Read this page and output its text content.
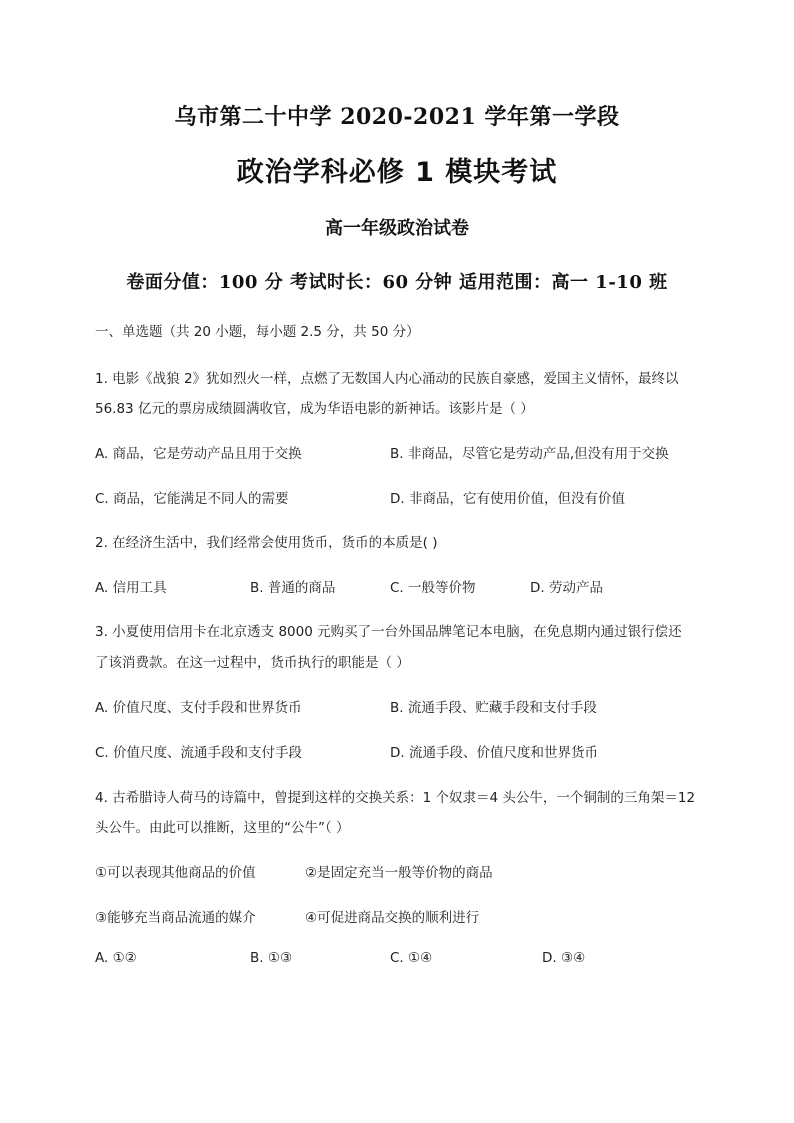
乌市第二十中学 2020-2021 学年第一学段
政治学科必修 1 模块考试
高一年级政治试卷
卷面分值：100 分 考试时长：60 分钟 适用范围：高一 1-10 班
一、单选题（共 20 小题，每小题 2.5 分，共 50 分）
1. 电影《战狼 2》犹如烈火一样，点燃了无数国人内心涌动的民族自豪感，爱国主义情怀，最终以
56.83 亿元的票房成绩圆满收官，成为华语电影的新神话。该影片是（ ）
A. 商品，它是劳动产品且用于交换	B. 非商品，尽管它是劳动产品,但没有用于交换
C. 商品，它能满足不同人的需要	D. 非商品，它有使用价值，但没有价值
2. 在经济生活中，我们经常会使用货币，货币的本质是( )
A. 信用工具	B. 普通的商品	C. 一般等价物	D. 劳动产品
3. 小夏使用信用卡在北京透支 8000 元购买了一台外国品牌笔记本电脑，在免息期内通过银行偿还
了该消费款。在这一过程中，货币执行的职能是（ ）
A. 价值尺度、支付手段和世界货币	B. 流通手段、贮藏手段和支付手段
C. 价值尺度、流通手段和支付手段	D. 流通手段、价值尺度和世界货币
4. 古希腊诗人荷马的诗篇中，曾提到这样的交换关系：1 个奴隶＝4 头公牛，一个铜制的三角架＝12
头公牛。由此可以推断，这里的“公牛”（ ）
①可以表现其他商品的价值	②是固定充当一般等价物的商品
③能够充当商品流通的媒介	④可促进商品交换的顺利进行
A. ①②	B. ①③	C. ①④	D. ③④
